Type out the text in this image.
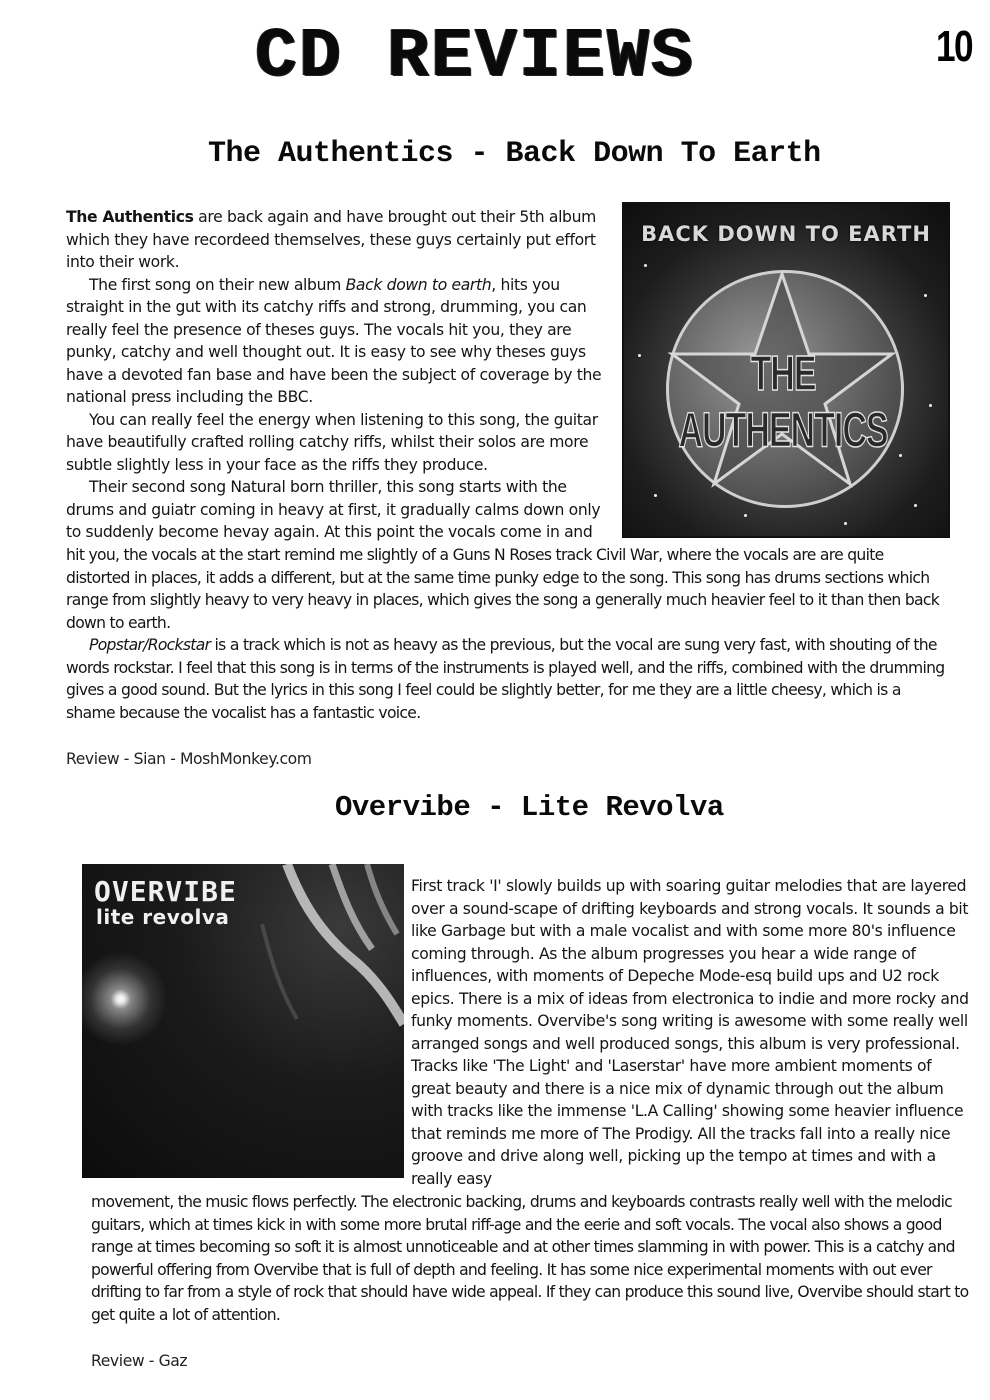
CD REVIEWS	10
The Authentics - Back Down To Earth
BACK DOWN TO EARTH
THE AUTHENTICS

The Authentics are back again and have brought out their 5th album which they have recordeed themselves, these guys certainly put effort into their work.

The first song on their new album Back down to earth, hits you straight in the gut with its catchy riffs and strong, drumming, you can really feel the presence of theses guys. The vocals hit you, they are punky, catchy and well thought out. It is easy to see why theses guys have a devoted fan base and have been the subject of coverage by the national press including the BBC.

You can really feel the energy when listening to this song, the guitar have beautifully crafted rolling catchy riffs, whilst their solos are more subtle slightly less in your face as the riffs they produce.

Their second song Natural born thriller, this song starts with the drums and guiatr coming in heavy at first, it gradually calms down only to suddenly become hevay again. At this point the vocals come in and

hit you, the vocals at the start remind me slightly of a Guns N Roses track Civil War, where the vocals are are quite distorted in places, it adds a different, but at the same time punky edge to the song. This song has drums sections which range from slightly heavy to very heavy in places, which gives the song a generally much heavier feel to it than then back down to earth.

Popstar/Rockstar is a track which is not as heavy as the previous, but the vocal are sung very fast, with shouting of the words rockstar. I feel that this song is in terms of the instruments is played well, and the riffs, combined with the drumming gives a good sound. But the lyrics in this song I feel could be slightly better, for me they are a little cheesy, which is a shame because the vocalist has a fantastic voice.

Review - Sian - MoshMonkey.com
Overvibe - Lite Revolva
OVERVIBE
lite revolva

First track 'I' slowly builds up with soaring guitar melodies that are layered over a sound-scape of drifting keyboards and strong vocals. It sounds a bit like Garbage but with a male vocalist and with some more 80's influence coming through. As the album progresses you hear a wide range of influences, with moments of Depeche Mode-esq build ups and U2 rock epics. There is a mix of ideas from electronica to indie and more rocky and funky moments. Overvibe's song writing is awesome with some really well arranged songs and well produced songs, this album is very professional. Tracks like 'The Light' and 'Laserstar' have more ambient moments of great beauty and there is a nice mix of dynamic through out the album with tracks like the immense 'L.A Calling' showing some heavier influence that reminds me more of The Prodigy. All the tracks fall into a really nice groove and drive along well, picking up the tempo at times and with a really easy

movement, the music flows perfectly. The electronic backing, drums and keyboards contrasts really well with the melodic guitars, which at times kick in with some more brutal riff-age and the eerie and soft vocals. The vocal also shows a good range at times becoming so soft it is almost unnoticeable and at other times slamming in with power. This is a catchy and powerful offering from Overvibe that is full of depth and feeling. It has some nice experimental moments with out ever drifting to far from a style of rock that should have wide appeal. If they can produce this sound live, Overvibe should start to get quite a lot of attention.

Review - Gaz
